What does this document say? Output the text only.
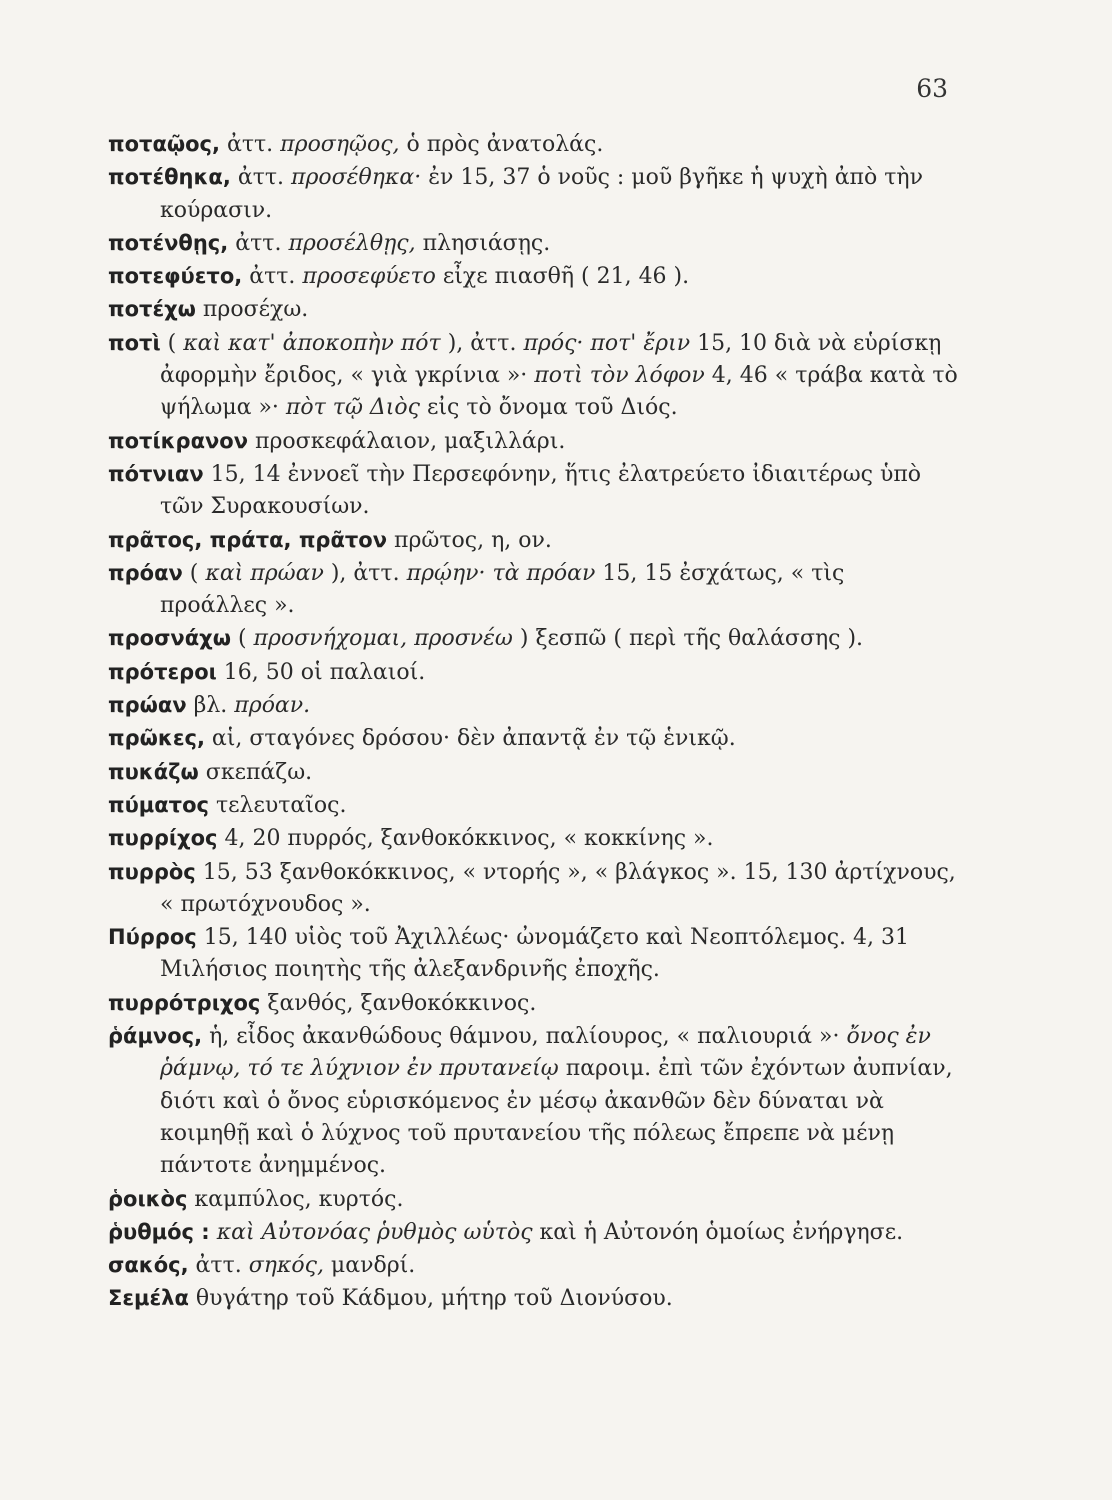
63

ποταῷος, ἀττ. προσηῷος, ὁ πρὸς ἀνατολάς.

ποτέθηκα, ἀττ. προσέθηκα· ἐν 15, 37 ὁ νοῦς : μοῦ βγῆκε ἡ ψυχὴ ἀπὸ τὴν κούρασιν.

ποτένθῃς, ἀττ. προσέλθῃς, πλησιάσῃς.

ποτεφύετο, ἀττ. προσεφύετο εἶχε πιασθῆ ( 21, 46 ).

ποτέχω προσέχω.

ποτὶ ( καὶ κατ' ἀποκοπὴν πότ ), ἀττ. πρός· ποτ' ἔριν 15, 10 διὰ νὰ εὑρίσκῃ ἀφορμὴν ἔριδος, « γιὰ γκρίνια »· ποτὶ τὸν λόφον 4, 46 « τράβα κατὰ τὸ ψήλωμα »· πὸτ τῷ Διὸς εἰς τὸ ὄνομα τοῦ Διός.

ποτίκρανον προσκεφάλαιον, μαξιλλάρι.

πότνιαν 15, 14 ἐννοεῖ τὴν Περσεφόνην, ἥτις ἐλατρεύετο ἰδιαιτέρως ὑπὸ τῶν Συρακουσίων.

πρᾶτος, πράτα, πρᾶτον πρῶτος, η, ον.

πρόαν ( καὶ πρώαν ), ἀττ. πρῴην· τὰ πρόαν 15, 15 ἐσχάτως, « τὶς προάλλες ».

προσνάχω ( προσνήχομαι, προσνέω ) ξεσπῶ ( περὶ τῆς θαλάσσης ).

πρότεροι 16, 50 οἱ παλαιοί.

πρώαν βλ. πρόαν.

πρῶκες, αἱ, σταγόνες δρόσου· δὲν ἀπαντᾷ ἐν τῷ ἑνικῷ.

πυκάζω σκεπάζω.

πύματος τελευταῖος.

πυρρίχος 4, 20 πυρρός, ξανθοκόκκινος, « κοκκίνης ».

πυρρὸς 15, 53 ξανθοκόκκινος, « ντορής », « βλάγκος ». 15, 130 ἀρτίχνους, « πρωτόχνουδος ».

Πύρρος 15, 140 υἱὸς τοῦ Ἀχιλλέως· ὠνομάζετο καὶ Νεοπτόλεμος. 4, 31 Μιλήσιος ποιητὴς τῆς ἀλεξανδρινῆς ἐποχῆς.

πυρρότριχος ξανθός, ξανθοκόκκινος.

ῥάμνος, ἡ, εἶδος ἀκανθώδους θάμνου, παλίουρος, « παλιουριά »· ὄνος ἐν ῥάμνῳ, τό τε λύχνιον ἐν πρυτανείῳ παροιμ. ἐπὶ τῶν ἐχόντων ἀυπνίαν, διότι καὶ ὁ ὄνος εὑρισκόμενος ἐν μέσῳ ἀκανθῶν δὲν δύναται νὰ κοιμηθῇ καὶ ὁ λύχνος τοῦ πρυτανείου τῆς πόλεως ἔπρεπε νὰ μένῃ πάντοτε ἀνημμένος.

ῥοικὸς καμπύλος, κυρτός.

ῥυθμός : καὶ Αὐτονόας ῥυθμὸς ωὑτὸς καὶ ἡ Αὐτονόη ὁμοίως ἐνήργησε.

σακός, ἀττ. σηκός, μανδρί.

Σεμέλα θυγάτηρ τοῦ Κάδμου, μήτηρ τοῦ Διονύσου.
